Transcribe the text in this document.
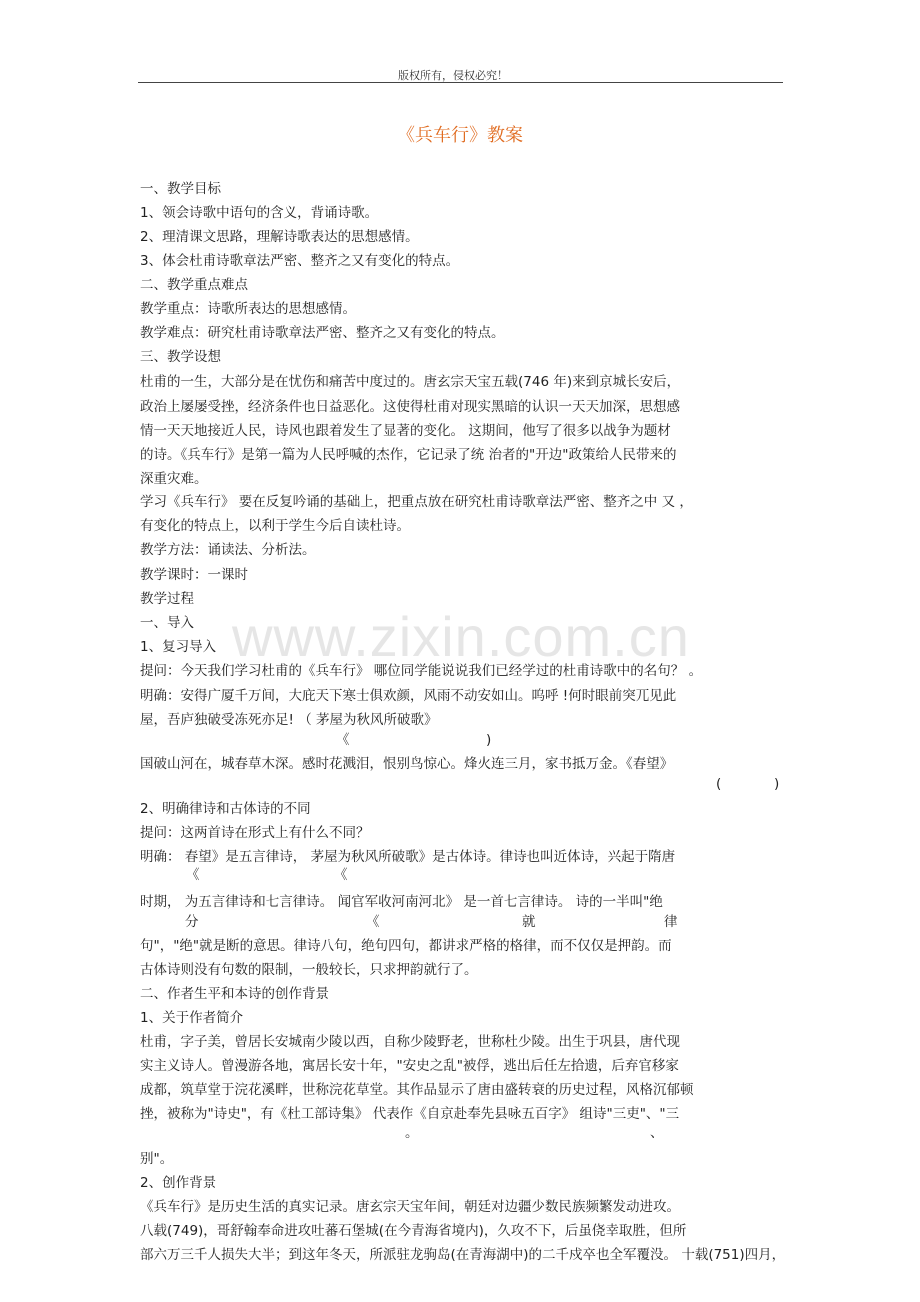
版权所有，侵权必究！
《兵车行》教案
www.zixin.com.cn
一、教学目标
1、领会诗歌中语句的含义，背诵诗歌。
2、理清课文思路，理解诗歌表达的思想感情。
3、体会杜甫诗歌章法严密、整齐之又有变化的特点。
二、教学重点难点
教学重点：诗歌所表达的思想感情。
教学难点：研究杜甫诗歌章法严密、整齐之又有变化的特点。
三、教学设想
杜甫的一生，大部分是在忧伤和痛苦中度过的。唐玄宗天宝五载(746 年)来到京城长安后，
政治上屡屡受挫，经济条件也日益恶化。这使得杜甫对现实黑暗的认识一天天加深，思想感
情一天天地接近人民，诗风也跟着发生了显著的变化。 这期间，他写了很多以战争为题材
的诗。《兵车行》是第一篇为人民呼喊的杰作，它记录了统 治者的"开边"政策给人民带来的
深重灾难。
学习《兵车行》 要在反复吟诵的基础上，把重点放在研究杜甫诗歌章法严密、整齐之中 又 ，
有变化的特点上，以利于学生今后自读杜诗。
教学方法：诵读法、分析法。
教学课时：一课时
教学过程
一、导入
1、复习导入
提问：今天我们学习杜甫的《兵车行》 哪位同学能说说我们已经学过的杜甫诗歌中的名句？ 。
明确：安得广厦千万间，大庇天下寒士俱欢颜，风雨不动安如山。呜呼 !何时眼前突兀见此
屋，吾庐独破受冻死亦足! （ 茅屋为秋风所破歌》
《	)
国破山河在，城春草木深。感时花溅泪，恨别鸟惊心。烽火连三月，家书抵万金。《春望》
(	)
2、明确律诗和古体诗的不同
提问：这两首诗在形式上有什么不同？
明确： 春望》是五言律诗， 茅屋为秋风所破歌》是古体诗。律诗也叫近体诗，兴起于隋唐
《	《
时期， 为五言律诗和七言律诗。 闻官军收河南河北》 是一首七言律诗。 诗的一半叫"绝
分	《	就	律
句"，"绝"就是断的意思。律诗八句，绝句四句，都讲求严格的格律，而不仅仅是押韵。而
古体诗则没有句数的限制，一般较长，只求押韵就行了。
二、作者生平和本诗的创作背景
1、关于作者简介
杜甫，字子美，曾居长安城南少陵以西，自称少陵野老，世称杜少陵。出生于巩县，唐代现
实主义诗人。曾漫游各地，寓居长安十年，"安史之乱"被俘，逃出后任左拾遗，后弃官移家
成都，筑草堂于浣花溪畔，世称浣花草堂。其作品显示了唐由盛转衰的历史过程，风格沉郁顿
挫，被称为"诗史"，有《杜工部诗集》 代表作《自京赴奉先县咏五百字》 组诗"三吏"、"三
。	、
别"。
2、创作背景
《兵车行》是历史生活的真实记录。唐玄宗天宝年间，朝廷对边疆少数民族频繁发动进攻。
八载(749)，哥舒翰奉命进攻吐蕃石堡城(在今青海省境内)，久攻不下，后虽侥幸取胜，但所
部六万三千人损失大半；到这年冬天，所派驻龙驹岛(在青海湖中)的二千戍卒也全军覆没。 十载(751)四月，
